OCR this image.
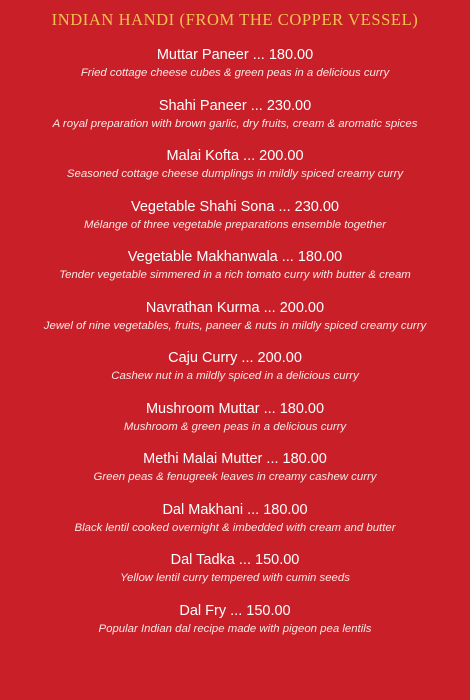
INDIAN HANDI (FROM THE COPPER VESSEL)
Muttar Paneer ... 180.00
Fried cottage cheese cubes & green peas in a delicious curry
Shahi Paneer ... 230.00
A royal preparation with brown garlic, dry fruits, cream & aromatic spices
Malai Kofta ... 200.00
Seasoned cottage cheese dumplings in mildly spiced creamy curry
Vegetable Shahi Sona ... 230.00
Mélange of three vegetable preparations ensemble together
Vegetable Makhanwala ... 180.00
Tender vegetable simmered in a rich tomato curry with butter & cream
Navrathan Kurma ... 200.00
Jewel of nine vegetables, fruits, paneer & nuts in mildly spiced creamy curry
Caju Curry ... 200.00
Cashew nut in a mildly spiced in a delicious curry
Mushroom Muttar ... 180.00
Mushroom & green peas in a delicious curry
Methi Malai Mutter ... 180.00
Green peas & fenugreek leaves in creamy cashew curry
Dal Makhani ... 180.00
Black lentil cooked overnight & imbedded with cream and butter
Dal Tadka ... 150.00
Yellow lentil curry tempered with cumin seeds
Dal Fry ... 150.00
Popular Indian dal recipe made with pigeon pea lentils
